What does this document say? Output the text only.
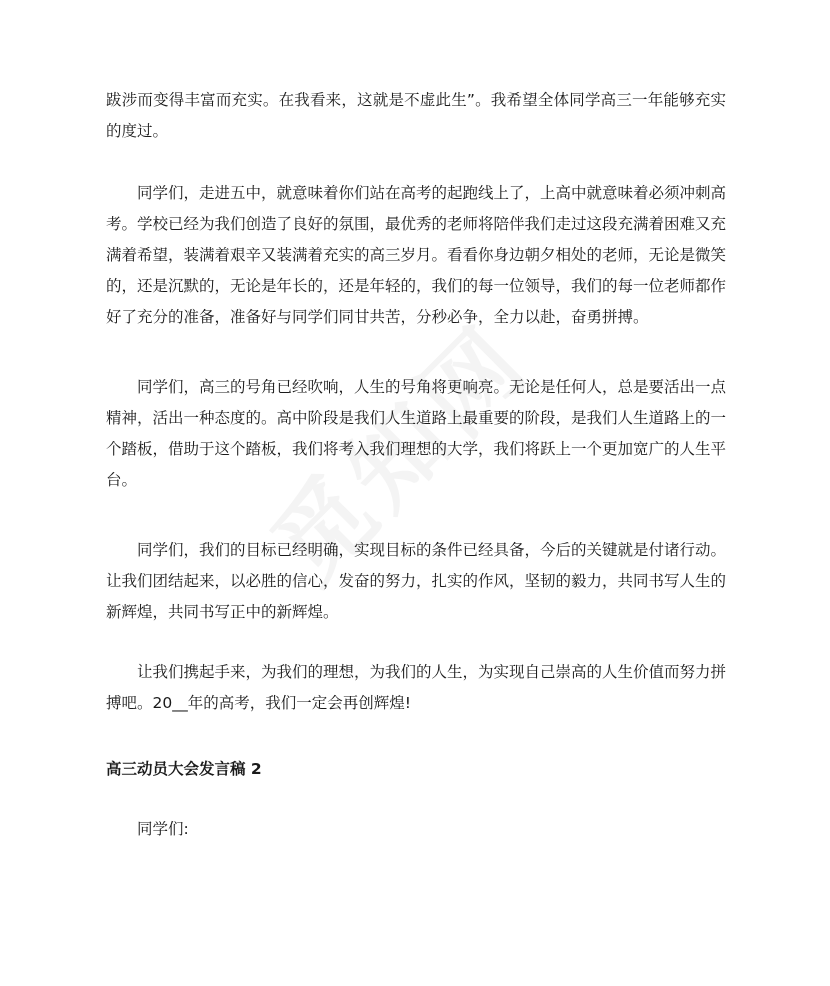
跋涉而变得丰富而充实。在我看来，这就是不虚此生”。我希望全体同学高三一年能够充实的度过。

同学们，走进五中，就意味着你们站在高考的起跑线上了，上高中就意味着必须冲刺高考。学校已经为我们创造了良好的氛围，最优秀的老师将陪伴我们走过这段充满着困难又充满着希望，装满着艰辛又装满着充实的高三岁月。看看你身边朝夕相处的老师，无论是微笑的，还是沉默的，无论是年长的，还是年轻的，我们的每一位领导，我们的每一位老师都作好了充分的准备，准备好与同学们同甘共苦，分秒必争，全力以赴，奋勇拼搏。

同学们，高三的号角已经吹响，人生的号角将更响亮。无论是任何人，总是要活出一点精神，活出一种态度的。高中阶段是我们人生道路上最重要的阶段，是我们人生道路上的一个踏板，借助于这个踏板，我们将考入我们理想的大学，我们将跃上一个更加宽广的人生平台。

同学们，我们的目标已经明确，实现目标的条件已经具备，今后的关键就是付诸行动。让我们团结起来，以必胜的信心，发奋的努力，扎实的作风，坚韧的毅力，共同书写人生的新辉煌，共同书写正中的新辉煌。

让我们携起手来，为我们的理想，为我们的人生，为实现自己崇高的人生价值而努力拼搏吧。20__年的高考，我们一定会再创辉煌!

高三动员大会发言稿 2

同学们:
